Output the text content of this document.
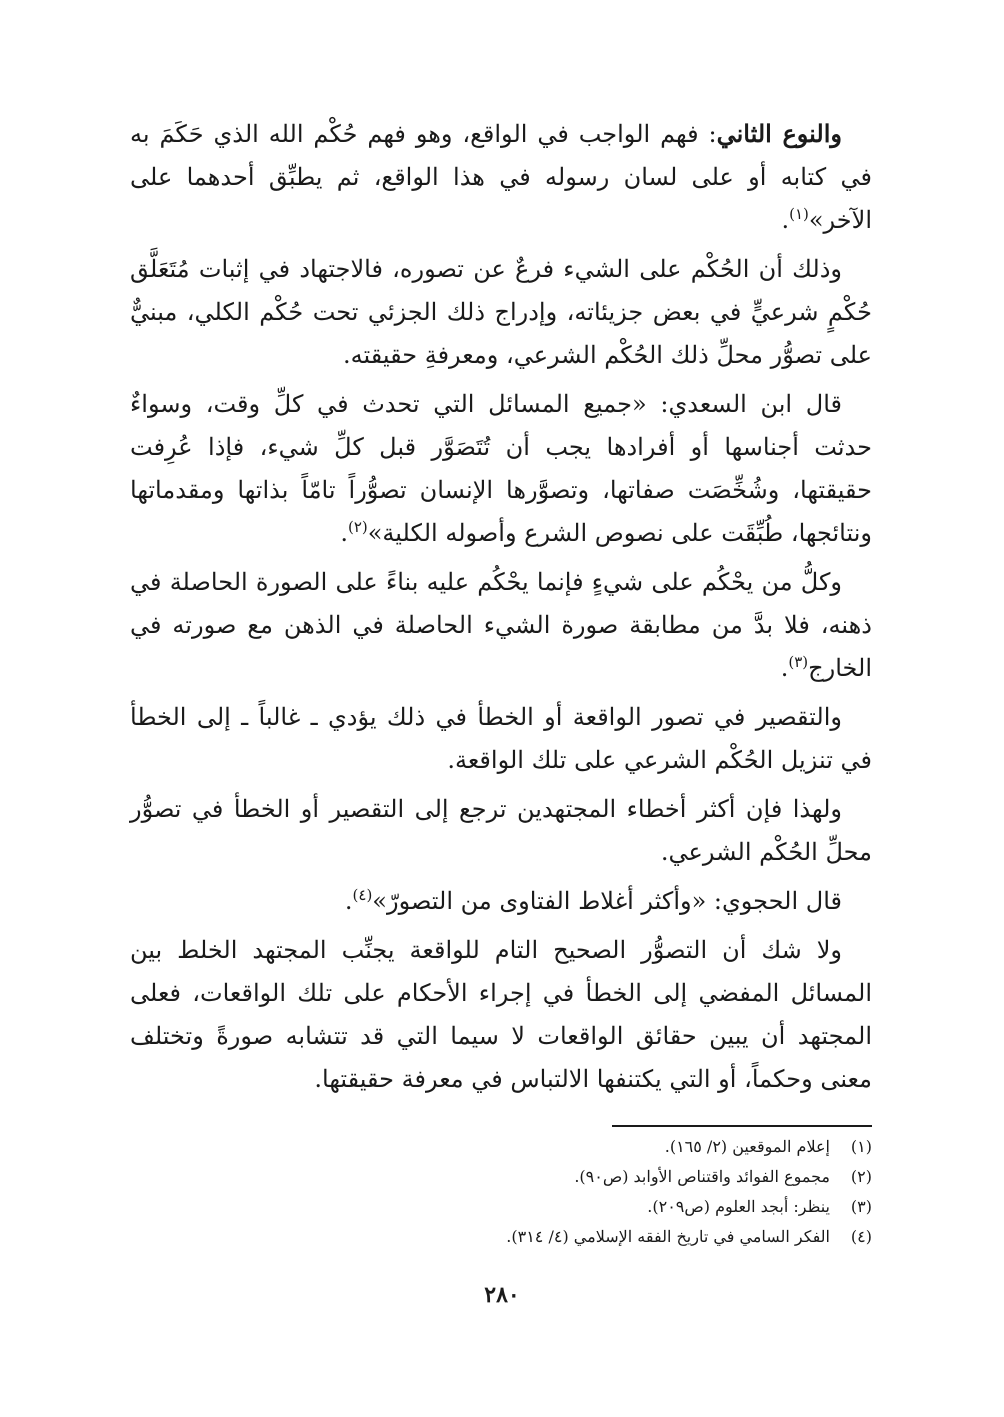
والنوع الثاني: فهم الواجب في الواقع، وهو فهم حُكْم الله الذي حَكَمَ به في كتابه أو على لسان رسوله في هذا الواقع، ثم يطبِّق أحدهما على الآخر»$^{(١)}$.

وذلك أن الحُكْم على الشيء فرعٌ عن تصوره، فالاجتهاد في إثبات مُتَعَلَّق حُكْمٍ شرعيٍّ في بعض جزيئاته، وإدراج ذلك الجزئي تحت حُكْم الكلي، مبنيٌّ على تصوُّر محلِّ ذلك الحُكْم الشرعي، ومعرفةِ حقيقته.

قال ابن السعدي: «جميع المسائل التي تحدث في كلِّ وقت، وسواءٌ حدثت أجناسها أو أفرادها يجب أن تُتَصَوَّر قبل كلِّ شيء، فإذا عُرِفت حقيقتها، وشُخِّصَت صفاتها، وتصوَّرها الإنسان تصوُّراً تامّاً بذاتها ومقدماتها ونتائجها، طُبِّقَت على نصوص الشرع وأصوله الكلية»$^{(٢)}$.

وكلُّ من يحْكُم على شيءٍ فإنما يحْكُم عليه بناءً على الصورة الحاصلة في ذهنه، فلا بدَّ من مطابقة صورة الشيء الحاصلة في الذهن مع صورته في الخارج$^{(٣)}$.

والتقصير في تصور الواقعة أو الخطأ في ذلك يؤدي ـ غالباً ـ إلى الخطأ في تنزيل الحُكْم الشرعي على تلك الواقعة.

ولهذا فإن أكثر أخطاء المجتهدين ترجع إلى التقصير أو الخطأ في تصوُّر محلِّ الحُكْم الشرعي.

قال الحجوي: «وأكثر أغلاط الفتاوى من التصورّ»$^{(٤)}$.

ولا شك أن التصوُّر الصحيح التام للواقعة يجنِّب المجتهد الخلط بين المسائل المفضي إلى الخطأ في إجراء الأحكام على تلك الواقعات، فعلى المجتهد أن يبين حقائق الواقعات لا سيما التي قد تتشابه صورةً وتختلف معنى وحكماً، أو التي يكتنفها الالتباس في معرفة حقيقتها.

(١)إعلام الموقعين (٢/ ١٦٥).
(٢)مجموع الفوائد واقتناص الأوابد (ص٩٠).
(٣)ينظر: أبجد العلوم (ص٢٠٩).
(٤)الفكر السامي في تاريخ الفقه الإسلامي (٤/ ٣١٤).
٢٨٠
